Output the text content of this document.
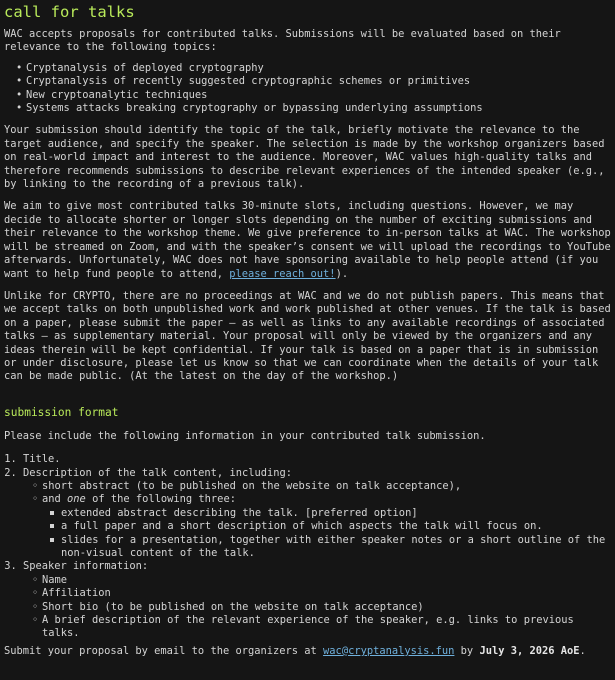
call for talks

WAC accepts proposals for contributed talks. Submissions will be evaluated based on their relevance to the following topics:

• Cryptanalysis of deployed cryptography
• Cryptanalysis of recently suggested cryptographic schemes or primitives
• New cryptoanalytic techniques
• Systems attacks breaking cryptography or bypassing underlying assumptions

Your submission should identify the topic of the talk, briefly motivate the relevance to the target audience, and specify the speaker. The selection is made by the workshop organizers based on real-world impact and interest to the audience. Moreover, WAC values high-quality talks and therefore recommends submissions to describe relevant experiences of the intended speaker (e.g., by linking to the recording of a previous talk).

We aim to give most contributed talks 30-minute slots, including questions. However, we may decide to allocate shorter or longer slots depending on the number of exciting submissions and their relevance to the workshop theme. We give preference to in-person talks at WAC. The workshop will be streamed on Zoom, and with the speaker’s consent we will upload the recordings to YouTube afterwards. Unfortunately, WAC does not have sponsoring available to help people attend (if you want to help fund people to attend, please reach out!).

Unlike for CRYPTO, there are no proceedings at WAC and we do not publish papers. This means that we accept talks on both unpublished work and work published at other venues. If the talk is based on a paper, please submit the paper — as well as links to any available recordings of associated talks — as supplementary material. Your proposal will only be viewed by the organizers and any ideas therein will be kept confidential. If your talk is based on a paper that is in submission or under disclosure, please let us know so that we can coordinate when the details of your talk can be made public. (At the latest on the day of the workshop.)

submission format

Please include the following information in your contributed talk submission.

1. Title.
2. Description of the talk content, including:
◦ short abstract (to be published on the website on talk acceptance),
◦ and one of the following three:
extended abstract describing the talk. [preferred option]
a full paper and a short description of which aspects the talk will focus on.
slides for a presentation, together with either speaker notes or a short outline of the non-visual content of the talk.
3. Speaker information:
◦ Name
◦ Affiliation
◦ Short bio (to be published on the website on talk acceptance)
◦ A brief description of the relevant experience of the speaker, e.g. links to previous talks.

Submit your proposal by email to the organizers at wac@cryptanalysis.fun by July 3, 2026 AoE.
